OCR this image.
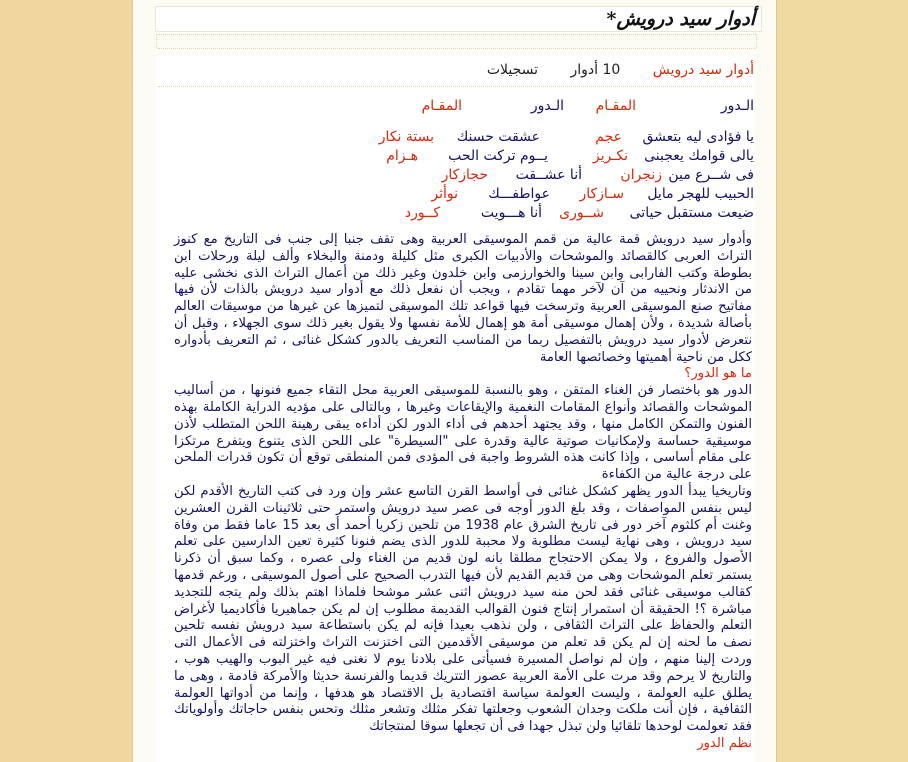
أدوار سيد درويش*
أدوار سيد درويش 10 أدوار تسجيلات
الـدور
المقـام
الـدور
المقـام
يا فؤادى ليه بتعشق
عجم
عشقت حسنك
بستة نكار
يالى قوامك يعجبنى
نكـريز
يــوم تركت الحب
هـزام
فى شــرع مين
زنجران
أنا عشــقت
حجازكار
الحبيب للهجر مايل
سـازكار
عواطفـــك
نوأثر
ضيعت مستقبل حياتى
شــورى
أنا هـــويت
كــورد

وأدوار سيد درويش قمة عالية من قمم الموسيقى العربية وهى تقف جنبا إلى جنب فى التاريخ مع كنوز التراث العربى كالقصائد والموشحات والأدبيات الكبرى مثل كليلة ودمنة والبخلاء وألف ليلة ورحلات ابن بطوطة وكتب الفارابى وابن سينا والخوارزمى وابن خلدون وغير ذلك من أعمال التراث الذى نخشى عليه من الاندثار ونحييه من آن لآخر مهما تقادم ، ويجب أن نفعل ذلك مع أدوار سيد درويش بالذات لأن فيها مفاتيح صنع الموسيقى العربية وترسخت فيها قواعد تلك الموسيقى لتميزها عن غيرها من موسيقات العالم بأصالة شديدة ، ولأن إهمال موسيقى أمة هو إهمال للأمة نفسها ولا يقول بغير ذلك سوى الجهلاء ، وقبل أن نتعرض لأدوار سيد درويش بالتفصيل ربما من المناسب التعريف بالدور كشكل غنائى ، ثم التعريف بأدواره ككل من ناحية أهميتها وخصائصها العامة

ما هو الدور؟

الدور هو باختصار فن الغناء المتقن ، وهو بالنسبة للموسيقى العربية محل التقاء جميع فنونها ، من أساليب الموشحات والقصائد وأنواع المقامات النغمية والإيقاعات وغيرها ، وبالتالى على مؤديه الدراية الكاملة بهذه الفنون والتمكن الكامل منها ، وقد يجتهد أحدهم فى أداء الدور لكن أداءه يبقى رهينة اللحن المتطلب لأذن موسيقية حساسة ولإمكانيات صوتية عالية وقدرة على "السيطرة" على اللحن الذى يتنوع ويتفرع مرتكزا على مقام أساسى ، وإذا كانت هذه الشروط واجبة فى المؤدى فمن المنطقى توقع أن تكون قدرات الملحن على درجة عالية من الكفاءة

وتاريخيا يبدأ الدور يظهر كشكل غنائى فى أواسط القرن التاسع عشر وإن ورد فى كتب التاريخ الأقدم لكن ليس بنفس المواصفات ، وقد بلغ الدور أوجه فى عصر سيد درويش واستمر حتى ثلاثينات القرن العشرين وغنت أم كلثوم آخر دور فى تاريخ الشرق عام 1938 من تلحين زكريا أحمد أى بعد 15 عاما فقط من وفاة سيد درويش ، وهى نهاية ليست مطلوبة ولا محببة للدور الذى يضم فنونا كثيرة تعين الدارسين على تعلم الأصول والفروع ، ولا يمكن الاحتجاج مطلقا بانه لون قديم من الغناء ولى عصره ، وكما سبق أن ذكرنا يستمر تعلم الموشحات وهى من قديم القديم لأن فيها التدرب الصحيح على أصول الموسيقى ، ورغم قدمها كقالب موسيقى غنائى فقد لحن منه سيد درويش اثنى عشر موشحا فلماذا اهتم بذلك ولم يتجه للتجديد مباشرة ؟! الحقيقة أن استمرار إنتاج فنون القوالب القديمة مطلوب إن لم يكن جماهيريا فأكاديميا لأغراض التعلم والحفاظ على التراث الثقافى ، ولن نذهب بعيدا فإنه لم يكن باستطاعة سيد درويش نفسه تلحين نصف ما لحنه إن لم يكن قد تعلم من موسيقى الأقدمين التى اختزنت التراث واختزلته فى الأعمال التى وردت إلينا منهم ، وإن لم نواصل المسيرة فسيأتى على بلادنا يوم لا نغنى فيه غير البوب والهيب هوب ، والتاريخ لا يرحم وقد مرت على الأمة العربية عصور التتريك قديما والفرنسة حديثا والأمركة قادمة ، وهى ما يطلق عليه العولمة ، وليست العولمة سياسة اقتصادية بل الاقتصاد هو هدفها ، وإنما من أدواتها العولمة الثقافية ، فإن أنت ملكت وجدان الشعوب وجعلتها تفكر مثلك وتشعر مثلك وتحس بنفس حاجاتك وأولوياتك فقد تعولمت لوحدها تلقائيا ولن تبذل جهدا فى أن تجعلها سوقا لمنتجاتك

نظم الدور
